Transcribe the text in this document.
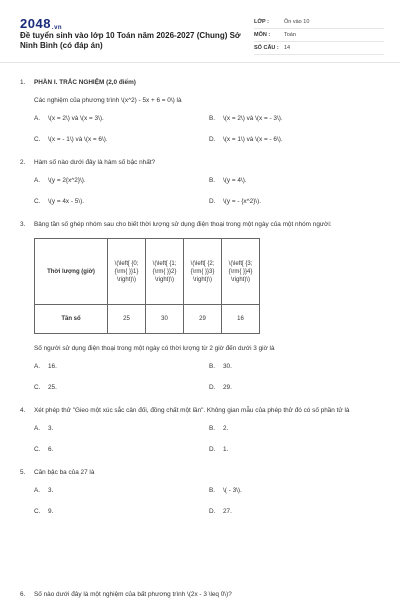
2048.vn
Đề tuyển sinh vào lớp 10 Toán năm 2026-2027 (Chung) Sở Ninh Bình (có đáp án)
LỚP :	Ôn vào 10
MÔN :	Toán
SỐ CÂU : 14
1.	PHẦN I. TRẮC NGHIỆM (2,0 điểm)
Các nghiệm của phương trình \(x^2) - 5x + 6 = 0\) là
A.	\(x = 2\) và \(x = 3\).	B.	\(x = 2\) và \(x = - 3\).
C.	\(x = - 1\) và \(x = 6\).	D.	\(x = 1\) và \(x = - 6\).
2.	Hàm số nào dưới đây là hàm số bậc nhất?
A.	\(y = 2{x^2}\).	B.	\(y = 4\).
C.	\(y = 4x - 5\).	D.	\(y = - {x^2}\).
3.	Bảng tần số ghép nhóm sau cho biết thời lượng sử dụng điện thoại trong một ngày của một nhóm người:
Thời lượng (giờ)	\(\left[ {0;{\rm{ }}1} \right)\)	\(\left[ {1;{\rm{ }}2} \right)\)	\(\left[ {2;{\rm{ }}3} \right)\)	\(\left[ {3;{\rm{ }}4} \right)\)
Tần số	25	30	29	16
Số người sử dụng điện thoại trong một ngày có thời lượng từ 2 giờ đến dưới 3 giờ là
A.	16.	B.	30.
C.	25.	D.	29.
4.	Xét phép thử "Gieo một xúc sắc cân đối, đồng chất một lần". Không gian mẫu của phép thử đó có số phần tử là
A.	3.	B.	2.
C.	6.	D.	1.
5.	Căn bậc ba của 27 là
A.	3.	B.	\( - 3\).
C.	9.	D.	27.
6. Số nào dưới đây là một nghiệm của bất phương trình \(2x - 3 \leq 0\)?
